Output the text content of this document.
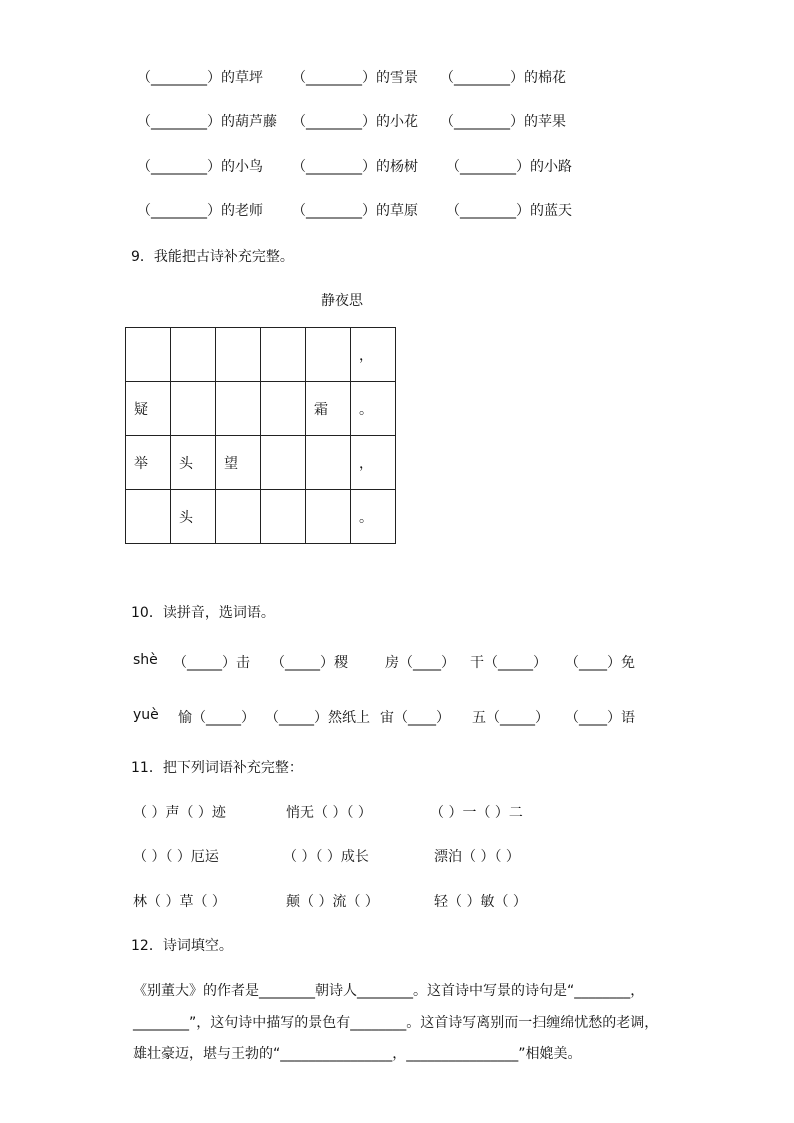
（________）的草坪 （________）的雪景 （________）的棉花
（________）的葫芦藤 （________）的小花 （________）的苹果
（________）的小鸟 （________）的杨树 （________）的小路
（________）的老师 （________）的草原 （________）的蓝天
9．我能把古诗补充完整。
静夜思
					，
疑				霜	。
举	头	望			，
	头				。
10．读拼音，选词语。
shè （_____）击 （_____）稷	房（____） 干（_____） （____）免
yuè 愉（_____） （_____）然纸上 宙（____） 五（_____） （____）语
11．把下列词语补充完整：
（ ）声（ ）迹	悄无（ ）（ ）	（ ）一（ ）二
（ ）（ ）厄运	（ ）（ ）成长	漂泊（ ）（ ）
林（ ）草（ ）	颠（ ）流（ ）	轻（ ）敏（ ）
12．诗词填空。
《别董大》的作者是________朝诗人________。这首诗中写景的诗句是“________，
________”，这句诗中描写的景色有________。这首诗写离别而一扫缠绵忧愁的老调，
雄壮豪迈，堪与王勃的“________________，________________”相媲美。
